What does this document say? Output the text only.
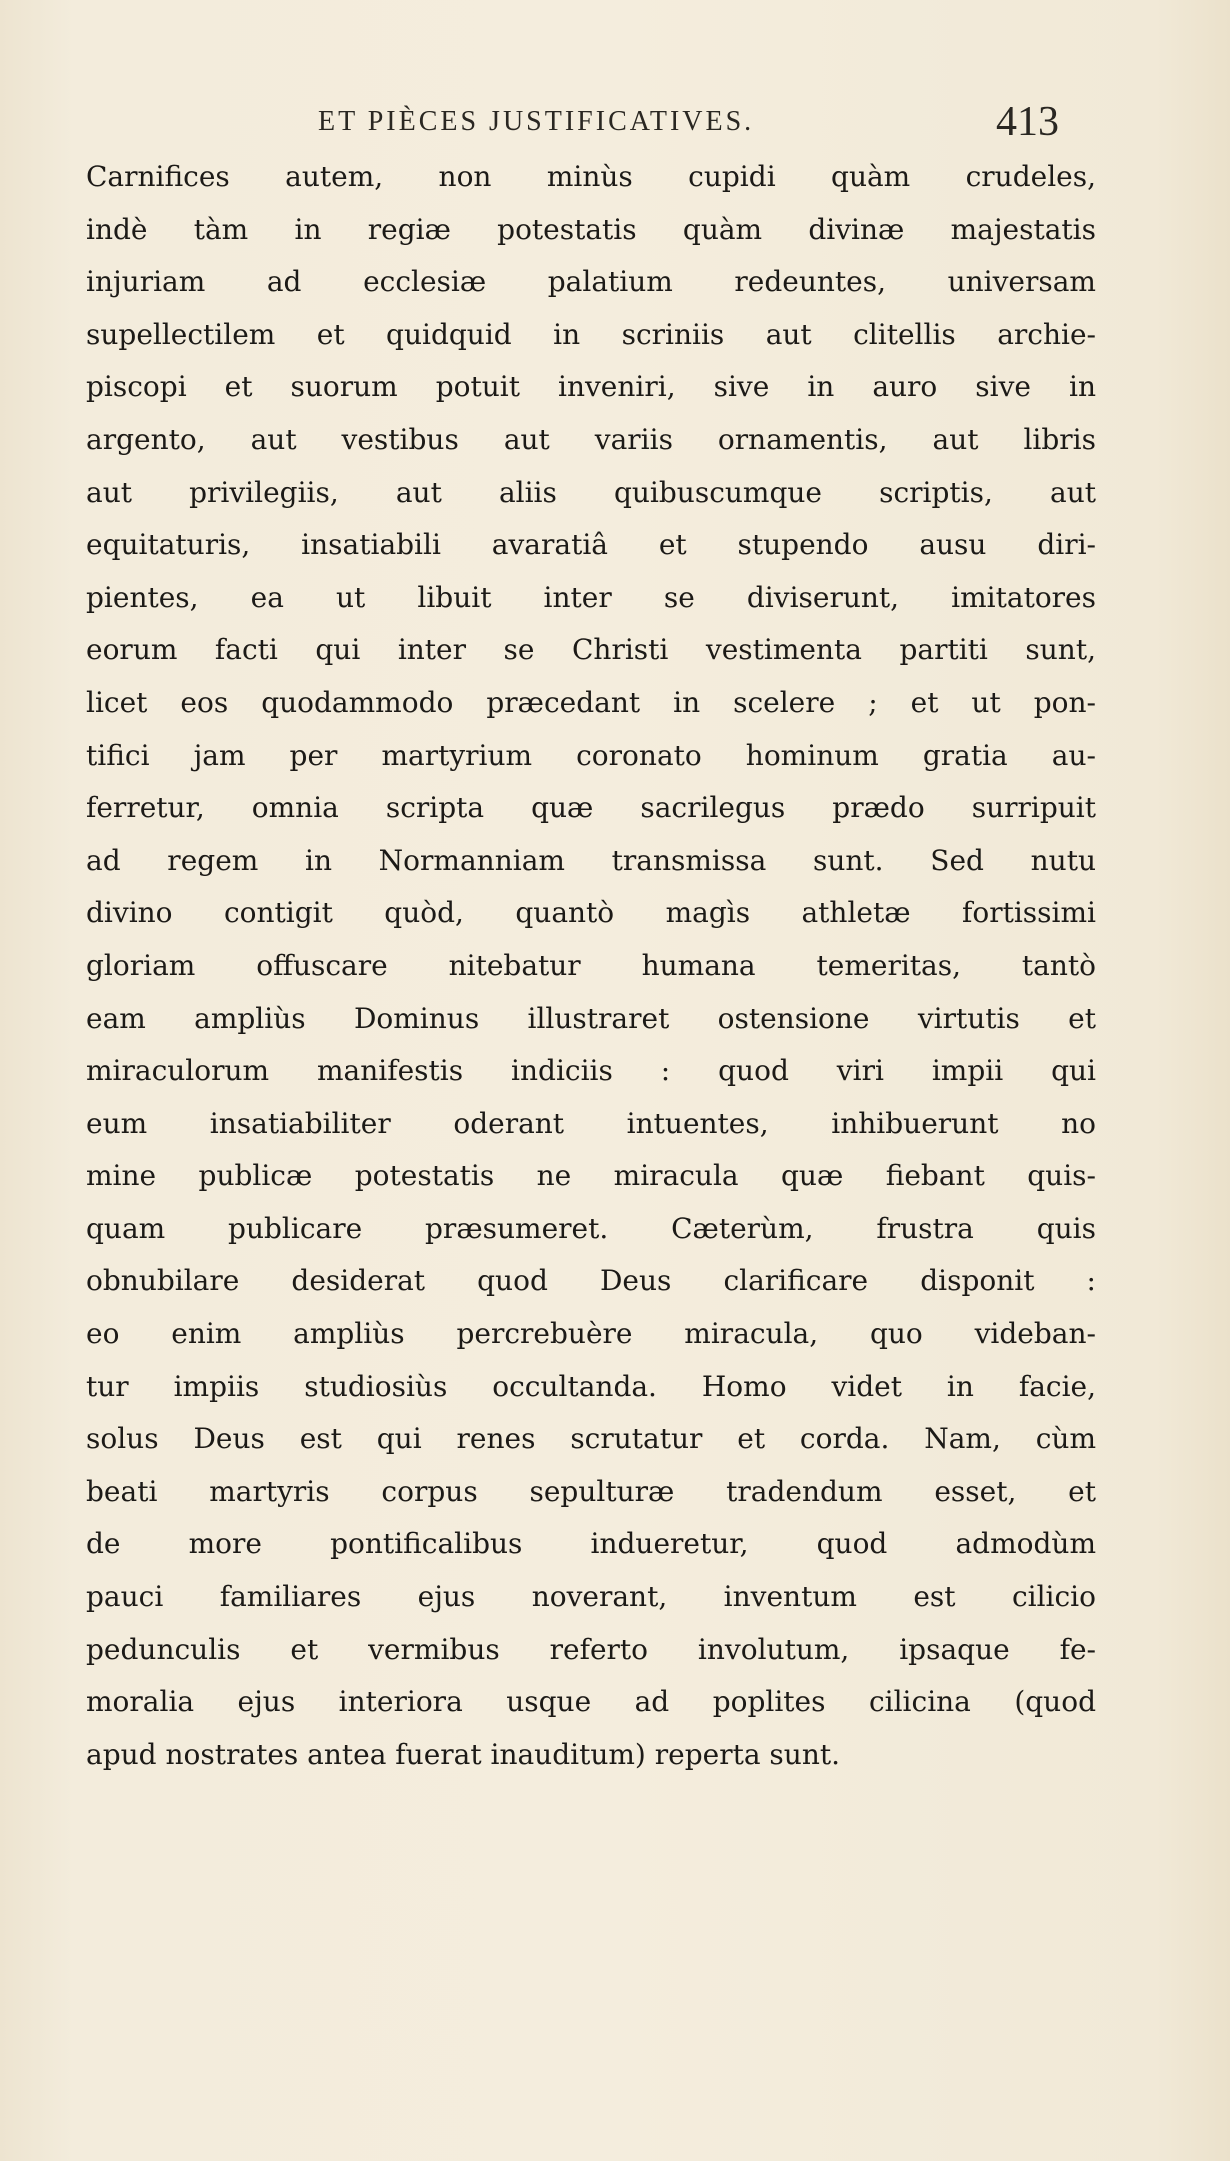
ET PIÈCES JUSTIFICATIVES.	413
Carnifices autem, non minùs cupidi quàm crudeles,
indè tàm in regiæ potestatis quàm divinæ majestatis
injuriam ad ecclesiæ palatium redeuntes, universam
supellectilem et quidquid in scriniis aut clitellis archie-
piscopi et suorum potuit inveniri, sive in auro sive in
argento, aut vestibus aut variis ornamentis, aut libris
aut privilegiis, aut aliis quibuscumque scriptis, aut
equitaturis, insatiabili avaratiâ et stupendo ausu diri-
pientes, ea ut libuit inter se diviserunt, imitatores
eorum facti qui inter se Christi vestimenta partiti sunt,
licet eos quodammodo præcedant in scelere ; et ut pon-
tifici jam per martyrium coronato hominum gratia au-
ferretur, omnia scripta quæ sacrilegus prædo surripuit
ad regem in Normanniam transmissa sunt. Sed nutu
divino contigit quòd, quantò magìs athletæ fortissimi
gloriam offuscare nitebatur humana temeritas, tantò
eam ampliùs Dominus illustraret ostensione virtutis et
miraculorum manifestis indiciis : quod viri impii qui
eum insatiabiliter oderant intuentes, inhibuerunt no
mine publicæ potestatis ne miracula quæ fiebant quis-
quam publicare præsumeret. Cæterùm, frustra quis
obnubilare desiderat quod Deus clarificare disponit :
eo enim ampliùs percrebuère miracula, quo videban-
tur impiis studiosiùs occultanda. Homo videt in facie,
solus Deus est qui renes scrutatur et corda. Nam, cùm
beati martyris corpus sepulturæ tradendum esset, et
de more pontificalibus indueretur, quod admodùm
pauci familiares ejus noverant, inventum est cilicio
pedunculis et vermibus referto involutum, ipsaque fe-
moralia ejus interiora usque ad poplites cilicina (quod
apud nostrates antea fuerat inauditum) reperta sunt.
